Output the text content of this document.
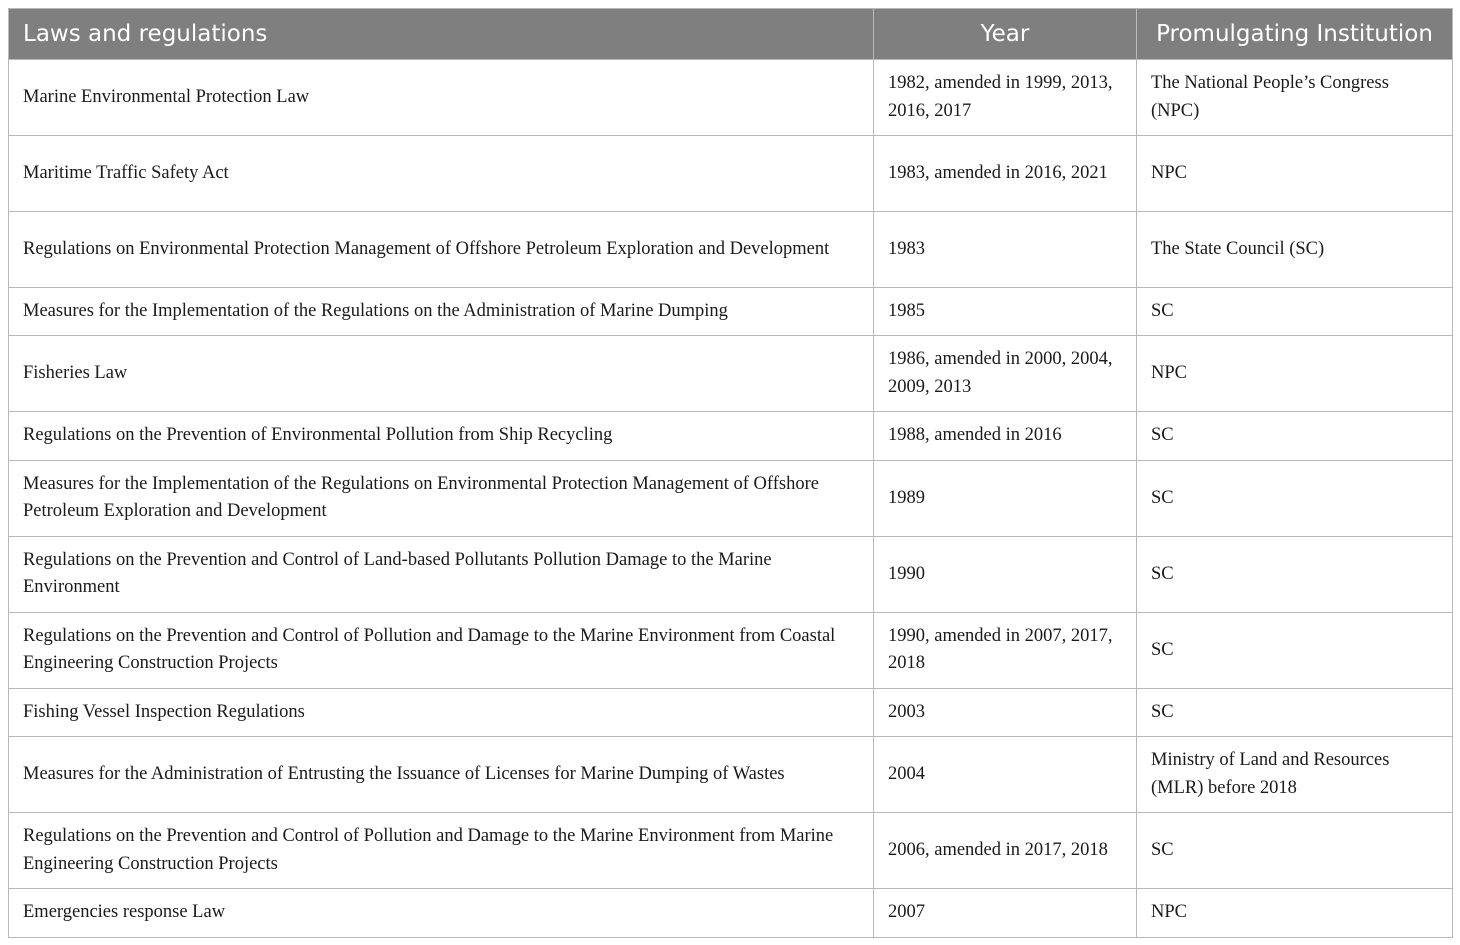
Laws and regulations	Year	Promulgating Institution
Marine Environmental Protection Law	1982, amended in 1999, 2013, 2016, 2017	The National People’s Congress (NPC)
Maritime Traffic Safety Act	1983, amended in 2016, 2021	NPC
Regulations on Environmental Protection Management of Offshore Petroleum Exploration and Development	1983	The State Council (SC)
Measures for the Implementation of the Regulations on the Administration of Marine Dumping	1985	SC
Fisheries Law	1986, amended in 2000, 2004, 2009, 2013	NPC
Regulations on the Prevention of Environmental Pollution from Ship Recycling	1988, amended in 2016	SC
Measures for the Implementation of the Regulations on Environmental Protection Management of Offshore Petroleum Exploration and Development	1989	SC
Regulations on the Prevention and Control of Land-based Pollutants Pollution Damage to the Marine Environment	1990	SC
Regulations on the Prevention and Control of Pollution and Damage to the Marine Environment from Coastal Engineering Construction Projects	1990, amended in 2007, 2017, 2018	SC
Fishing Vessel Inspection Regulations	2003	SC
Measures for the Administration of Entrusting the Issuance of Licenses for Marine Dumping of Wastes	2004	Ministry of Land and Resources (MLR) before 2018
Regulations on the Prevention and Control of Pollution and Damage to the Marine Environment from Marine Engineering Construction Projects	2006, amended in 2017, 2018	SC
Emergencies response Law	2007	NPC
